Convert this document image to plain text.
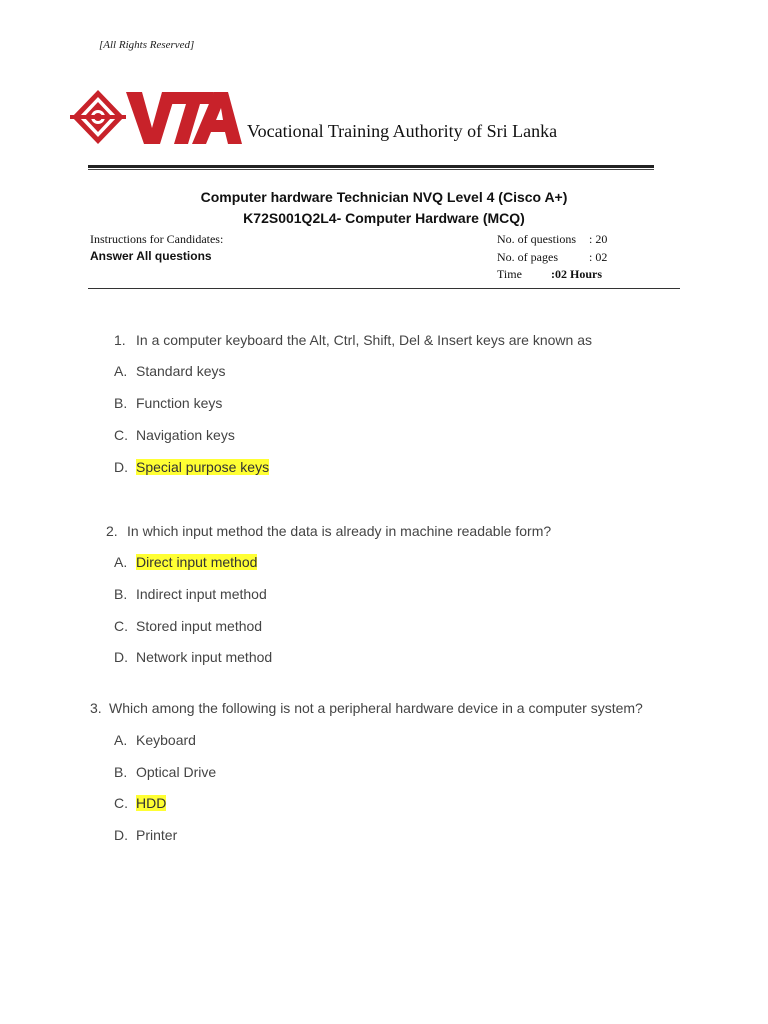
[All Rights Reserved]
Vocational Training Authority of Sri Lanka
Computer hardware Technician NVQ Level 4 (Cisco A+)
K72S001Q2L4- Computer Hardware (MCQ)
Instructions for Candidates:
Answer All questions
No. of questions : 20
No. of pages	: 02
Time :02 Hours
1. In a computer keyboard the Alt, Ctrl, Shift, Del & Insert keys are known as
A. Standard keys
B. Function keys
C. Navigation keys
D. Special purpose keys
2. In which input method the data is already in machine readable form?
A. Direct input method
B. Indirect input method
C. Stored input method
D. Network input method
3. Which among the following is not a peripheral hardware device in a computer system?
A. Keyboard
B. Optical Drive
C. HDD
D. Printer
